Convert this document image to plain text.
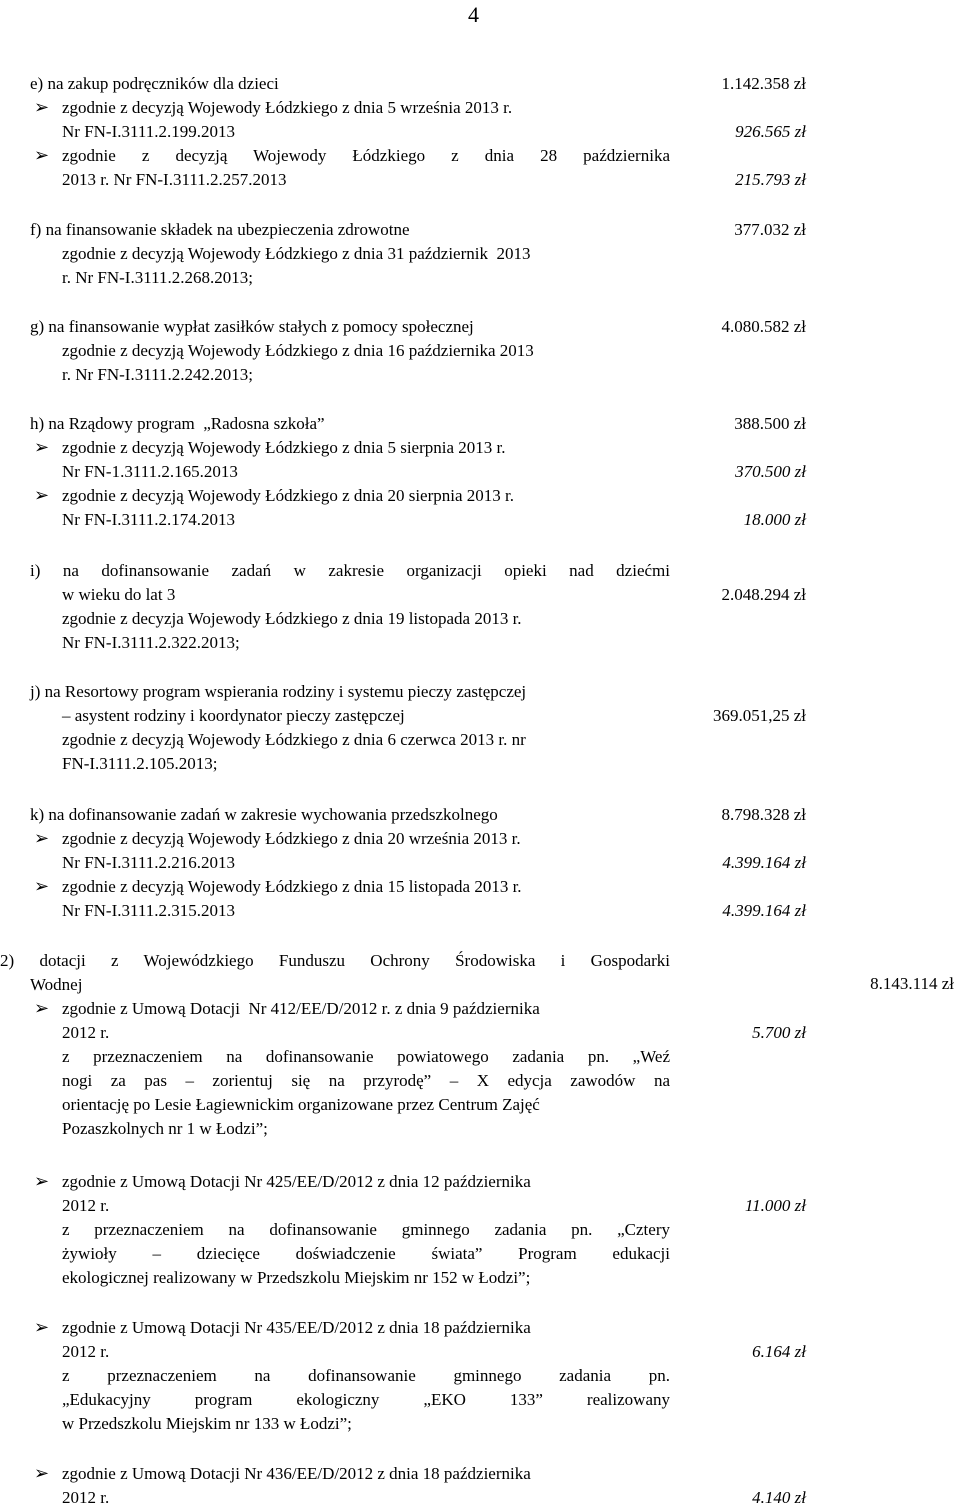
4
e) na zakup podręczników dla dzieci
➢ zgodnie z decyzją Wojewody Łódzkiego z dnia 5 września 2013 r.
Nr FN-I.3111.2.199.2013
➢ zgodnie z decyzją Wojewody Łódzkiego z dnia 28 października
2013 r. Nr FN-I.3111.2.257.2013
1.142.358 zł
926.565 zł
215.793 zł
f) na finansowanie składek na ubezpieczenia zdrowotne
zgodnie z decyzją Wojewody Łódzkiego z dnia 31 październik  2013
r. Nr FN-I.3111.2.268.2013;
377.032 zł
g) na finansowanie wypłat zasiłków stałych z pomocy społecznej
zgodnie z decyzją Wojewody Łódzkiego z dnia 16 października 2013
r. Nr FN-I.3111.2.242.2013;
4.080.582 zł
h) na Rządowy program  „Radosna szkoła”
➢ zgodnie z decyzją Wojewody Łódzkiego z dnia 5 sierpnia 2013 r.
Nr FN-1.3111.2.165.2013
➢ zgodnie z decyzją Wojewody Łódzkiego z dnia 20 sierpnia 2013 r.
Nr FN-I.3111.2.174.2013
388.500 zł
370.500 zł
18.000 zł
i) na dofinansowanie zadań w zakresie organizacji opieki nad dziećmi
w wieku do lat 3
zgodnie z decyzja Wojewody Łódzkiego z dnia 19 listopada 2013 r.
Nr FN-I.3111.2.322.2013;
2.048.294 zł
j) na Resortowy program wspierania rodziny i systemu pieczy zastępczej
– asystent rodziny i koordynator pieczy zastępczej
zgodnie z decyzją Wojewody Łódzkiego z dnia 6 czerwca 2013 r. nr
FN-I.3111.2.105.2013;
369.051,25 zł
k) na dofinansowanie zadań w zakresie wychowania przedszkolnego
➢ zgodnie z decyzją Wojewody Łódzkiego z dnia 20 września 2013 r.
Nr FN-I.3111.2.216.2013
➢ zgodnie z decyzją Wojewody Łódzkiego z dnia 15 listopada 2013 r.
Nr FN-I.3111.2.315.2013
8.798.328 zł
4.399.164 zł
4.399.164 zł
2) dotacji z Wojewódzkiego Funduszu Ochrony Środowiska i Gospodarki
Wodnej	8.143.114 zł
➢ zgodnie z Umową Dotacji  Nr 412/EE/D/2012 r. z dnia 9 października
2012 r.
z przeznaczeniem na dofinansowanie powiatowego zadania pn. „Weź
nogi za pas – zorientuj się na przyrodę” – X edycja zawodów na
orientację po Lesie Łagiewnickim organizowane przez Centrum Zajęć
Pozaszkolnych nr 1 w Łodzi”;
5.700 zł
➢ zgodnie z Umową Dotacji Nr 425/EE/D/2012 z dnia 12 października
2012 r.
z przeznaczeniem na dofinansowanie gminnego zadania pn. „Cztery
żywioły – dziecięce doświadczenie świata” Program edukacji
ekologicznej realizowany w Przedszkolu Miejskim nr 152 w Łodzi”;
11.000 zł
➢ zgodnie z Umową Dotacji Nr 435/EE/D/2012 z dnia 18 października
2012 r.
z przeznaczeniem na dofinansowanie gminnego zadania pn.
„Edukacyjny program ekologiczny „EKO 133” realizowany
w Przedszkolu Miejskim nr 133 w Łodzi”;
6.164 zł
➢ zgodnie z Umową Dotacji Nr 436/EE/D/2012 z dnia 18 października
2012 r.	4.140 zł
